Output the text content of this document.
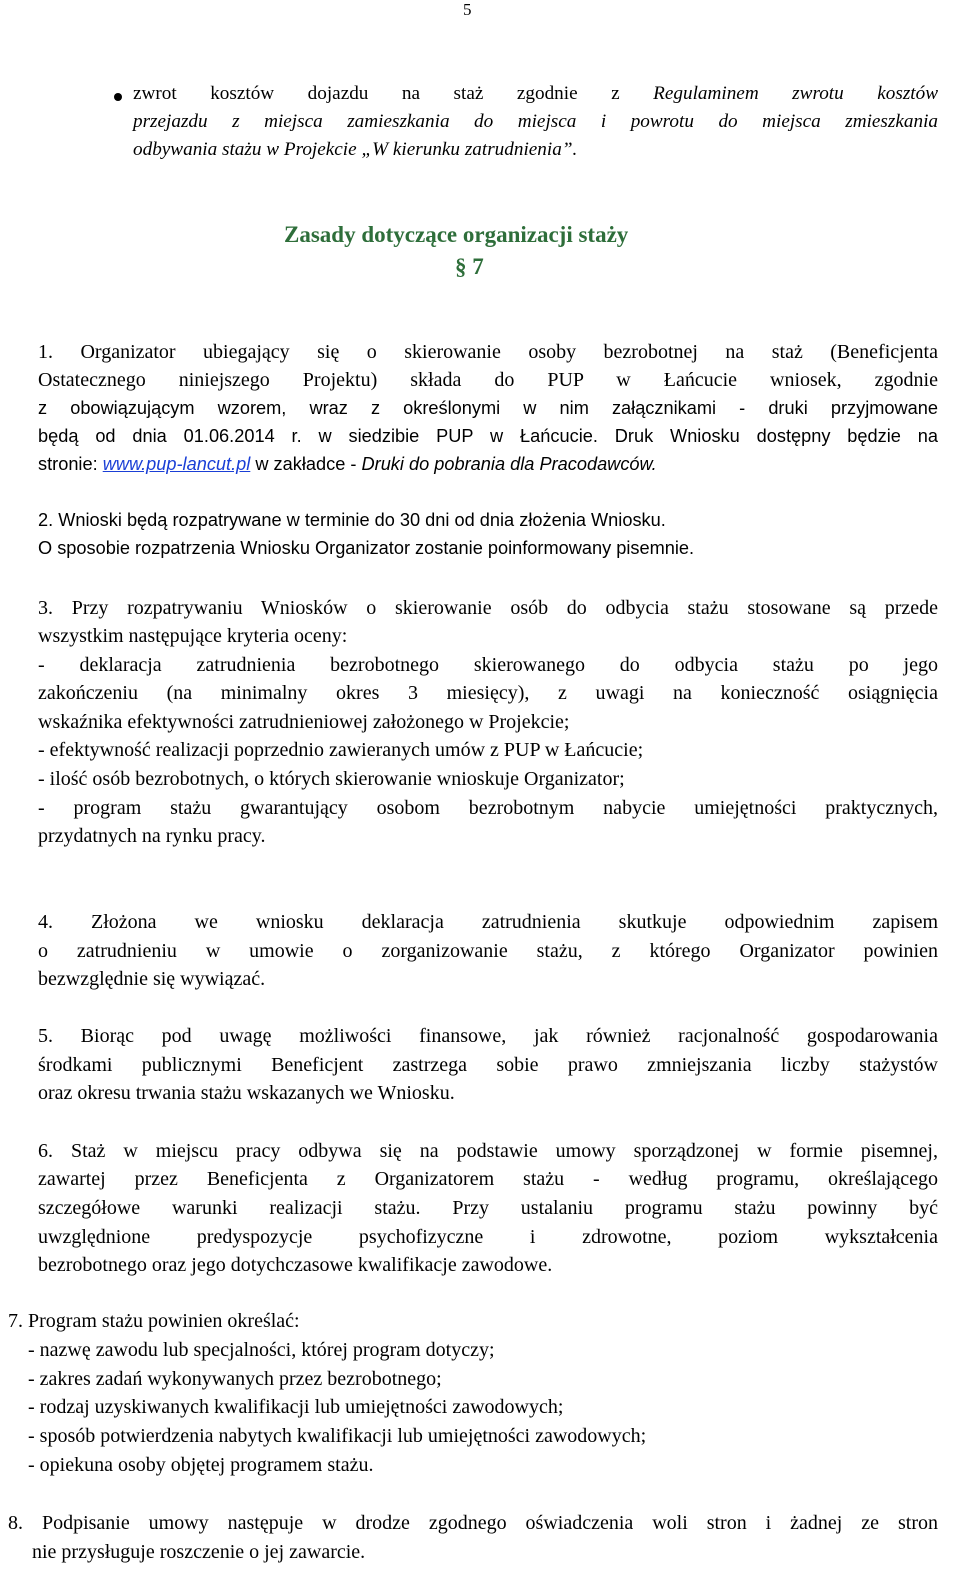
5
zwrot kosztów dojazdu na staż zgodnie z Regulaminem zwrotu kosztów
przejazdu z miejsca zamieszkania do miejsca i powrotu do miejsca zmieszkania
odbywania stażu w Projekcie „W kierunku zatrudnienia”.
Zasady dotyczące organizacji staży
§ 7
1. Organizator ubiegający się o skierowanie osoby bezrobotnej na staż (Beneficjenta
Ostatecznego niniejszego Projektu) składa do PUP w Łańcucie wniosek, zgodnie
z obowiązującym wzorem, wraz z określonymi w nim załącznikami - druki przyjmowane
będą od dnia 01.06.2014 r. w siedzibie PUP w Łańcucie. Druk Wniosku dostępny będzie na
stronie: www.pup-lancut.pl w zakładce - Druki do pobrania dla Pracodawców.
2. Wnioski będą rozpatrywane w terminie do 30 dni od dnia złożenia Wniosku.
O sposobie rozpatrzenia Wniosku Organizator zostanie poinformowany pisemnie.
3. Przy rozpatrywaniu Wniosków o skierowanie osób do odbycia stażu stosowane są przede
wszystkim następujące kryteria oceny:
- deklaracja zatrudnienia bezrobotnego skierowanego do odbycia stażu po jego
zakończeniu (na minimalny okres 3 miesięcy), z uwagi na konieczność osiągnięcia
wskaźnika efektywności zatrudnieniowej założonego w Projekcie;
- efektywność realizacji poprzednio zawieranych umów z PUP w Łańcucie;
- ilość osób bezrobotnych, o których skierowanie wnioskuje Organizator;
- program stażu gwarantujący osobom bezrobotnym nabycie umiejętności praktycznych,
przydatnych na rynku pracy.
4. Złożona we wniosku deklaracja zatrudnienia skutkuje odpowiednim zapisem
o zatrudnieniu w umowie o zorganizowanie stażu, z którego Organizator powinien
bezwzględnie się wywiązać.
5. Biorąc pod uwagę możliwości finansowe, jak również racjonalność gospodarowania
środkami publicznymi Beneficjent zastrzega sobie prawo zmniejszania liczby stażystów
oraz okresu trwania stażu wskazanych we Wniosku.
6. Staż w miejscu pracy odbywa się na podstawie umowy sporządzonej w formie pisemnej,
zawartej przez Beneficjenta z Organizatorem stażu - według programu, określającego
szczegółowe warunki realizacji stażu. Przy ustalaniu programu stażu powinny być
uwzględnione predyspozycje psychofizyczne i zdrowotne, poziom wykształcenia
bezrobotnego oraz jego dotychczasowe kwalifikacje zawodowe.
7. Program stażu powinien określać:
- nazwę zawodu lub specjalności, której program dotyczy;
- zakres zadań wykonywanych przez bezrobotnego;
- rodzaj uzyskiwanych kwalifikacji lub umiejętności zawodowych;
- sposób potwierdzenia nabytych kwalifikacji lub umiejętności zawodowych;
- opiekuna osoby objętej programem stażu.
8. Podpisanie umowy następuje w drodze zgodnego oświadczenia woli stron i żadnej ze stron
nie przysługuje roszczenie o jej zawarcie.
